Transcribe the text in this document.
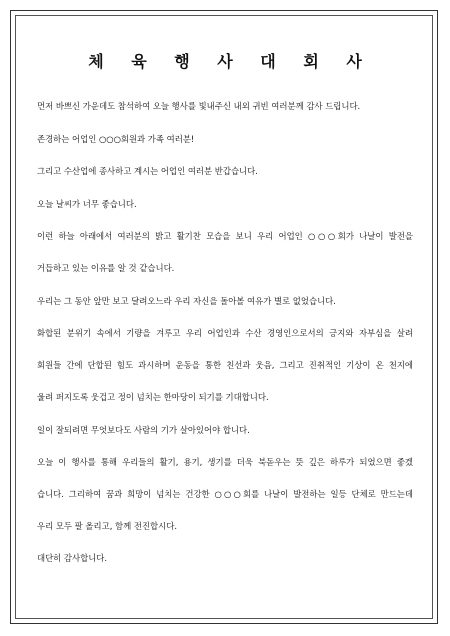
체 육 행 사 대 회 사
먼저 바쁘신 가운데도 참석하여 오늘 행사를 빛내주신 내외 귀빈 여러분께 감사 드립니다.
존경하는 어업인 ○○○회원과 가족 여러분!
그리고 수산업에 종사하고 계시는 어업인 여러분 반갑습니다.
오늘 날씨가 너무 좋습니다.
이런 하늘 아래에서 여러분의 밝고 활기찬 모습을 보니 우리 어업인 ○○○회가 나날이 발전을
거듭하고 있는 이유를 알 것 같습니다.
우리는 그 동안 앞만 보고 달려오느라 우리 자신을 돌아볼 여유가 별로 없었습니다.
화합된 분위기 속에서 기량을 겨루고 우리 어업인과 수산 경영인으로서의 긍지와 자부심을 살려
회원들 간에 단합된 힘도 과시하며 운동을 통한 친선과 웃음, 그리고 진취적인 기상이 온 천지에
울려 퍼지도록 웃겁고 정이 넘치는 한마당이 되기를 기대합니다.
일이 잘되려면 무엇보다도 사람의 기가 살아있어야 합니다.
오늘 이 행사를 통해 우리들의 활기, 용기, 생기를 더욱 북돋우는 뜻 깊은 하루가 되었으면 좋겠
습니다. 그리하여 꿈과 희망이 넘치는 건강한 ○○○회를 나날이 발전하는 일등 단체로 만드는데
우리 모두 팔 올리고, 함께 전진합시다.
대단히 감사합니다.
